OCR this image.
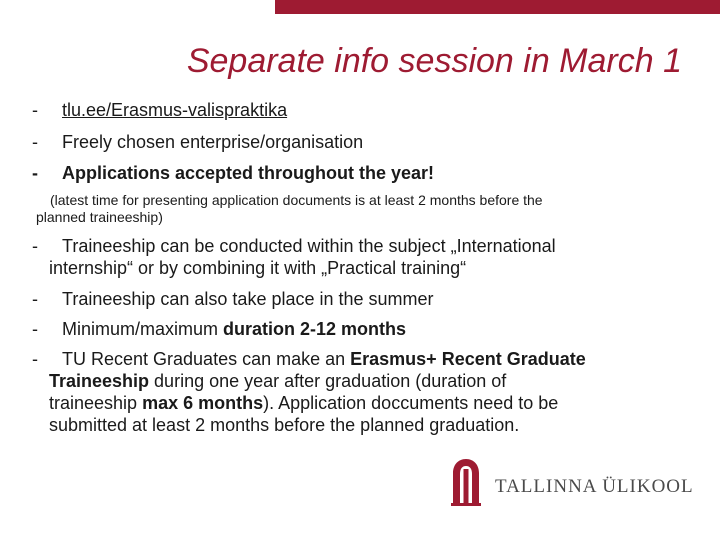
Separate info session in March 1
- tlu.ee/Erasmus-valispraktika
- Freely chosen enterprise/organisation
- Applications accepted throughout the year!
(latest time for presenting application documents is at least 2 months before the
planned traineeship)
-	Traineeship can be conducted within the subject „International
internship“ or by combining it with „Practical training“
-	Traineeship can also take place in the summer
-	Minimum/maximum duration 2-12 months
-	TU Recent Graduates can make an Erasmus+ Recent Graduate
Traineeship during one year after graduation (duration of
traineeship max 6 months). Application doccuments need to be
submitted at least 2 months before the planned graduation.
TALLINNA ÜLIKOOL
